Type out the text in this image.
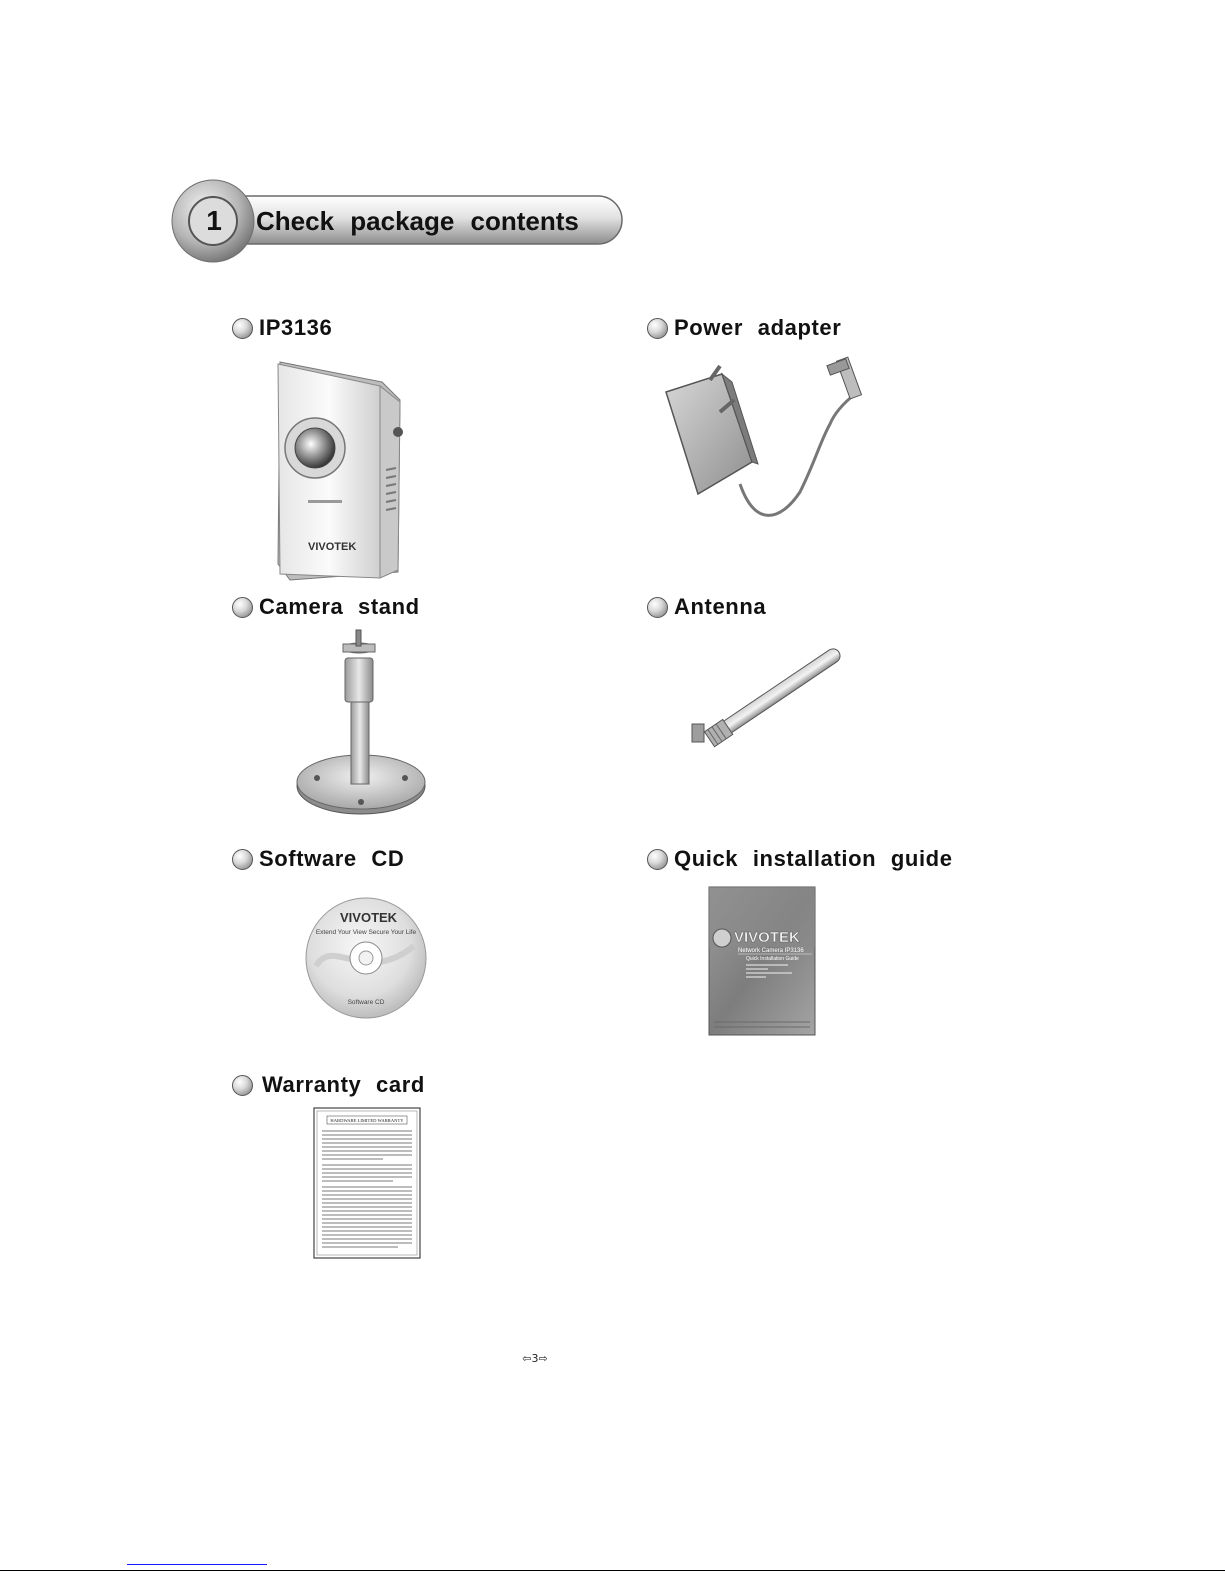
1	Check package contents
IP3136
VIVOTEK
Power adapter
Camera stand	Antenna
Software CD
VIVOTEK
Extend Your View Secure Your Life
Software CD
Quick installation guide
VIVOTEK
Network Camera IP3136
Quick Installation Guide
Warranty card
HARDWARE LIMITED WARRANTY
⇦3⇨
